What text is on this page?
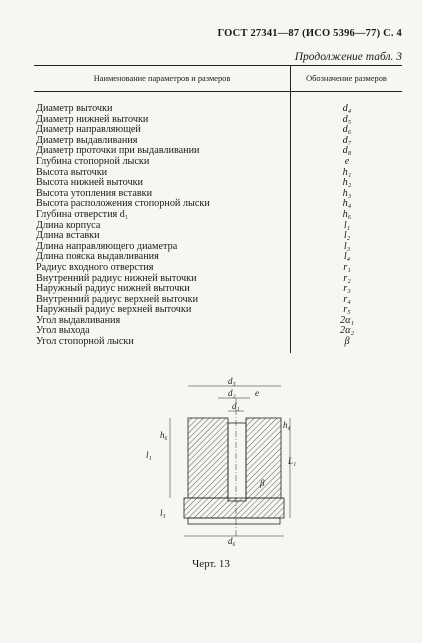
ГОСТ 27341—87 (ИСО 5396—77) С. 4
Продолжение табл. 3
Наименование параметров и размеров	Обозначение размеров
Диаметр выточки	d₄
Диаметр нижней выточки	d₅
Диаметр направляющей	d₆
Диаметр выдавливания	d₇
Диаметр проточки при выдавливании	d₈
Глубина стопорной лыски	e
Высота выточки	h₁
Высота нижней выточки	h₂
Высота утопления вставки	h₃
Высота расположения стопорной лыски	h₄
Глубина отверстия d₁	h₆
Длина корпуса	l₁
Длина вставки	l₂
Длина направляющего диаметра	l₃
Длина пояска выдавливания	l₄
Радиус входного отверстия	r₁
Внутренний радиус нижней выточки	r₂
Наружный радиус нижней выточки	r₃
Внутренний радиус верхней выточки	r₄
Наружный радиус верхней выточки	r₅
Угол выдавливания	2α₁
Угол выхода	2α₂
Угол стопорной лыски	β
d₃
d₂
d₁
e
h₄
h₆
l₁
L₁
β
l₃
d₆
Черт. 13
